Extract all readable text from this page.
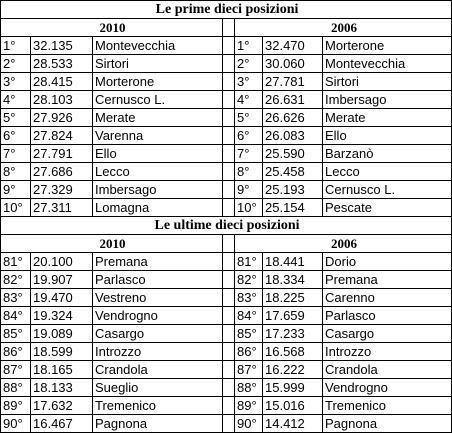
Le prime dieci posizioni						
2010				2006		
1°	32.135	Montevecchia		1°	32.470	Morterone
2°	28.533	Sirtori		2°	30.060	Montevecchia
3°	28.415	Morterone		3°	27.781	Sirtori
4°	28.103	Cernusco L.		4°	26.631	Imbersago
5°	27.926	Merate		5°	26.626	Merate
6°	27.824	Varenna		6°	26.083	Ello
7°	27.791	Ello		7°	25.590	Barzanò
8°	27.686	Lecco		8°	25.458	Lecco
9°	27.329	Imbersago		9°	25.193	Cernusco L.
10°	27.311	Lomagna		10°	25.154	Pescate
Le ultime dieci posizioni						
2010				2006		
81°	20.100	Premana		81°	18.441	Dorio
82°	19.907	Parlasco		82°	18.334	Premana
83°	19.470	Vestreno		83°	18.225	Carenno
84°	19.324	Vendrogno		84°	17.659	Parlasco
85°	19.089	Casargo		85°	17.233	Casargo
86°	18.599	Introzzo		86°	16.568	Introzzo
87°	18.165	Crandola		87°	16.222	Crandola
88°	18.133	Sueglio		88°	15.999	Vendrogno
89°	17.632	Tremenico		89°	15.016	Tremenico
90°	16.467	Pagnona		90°	14.412	Pagnona
